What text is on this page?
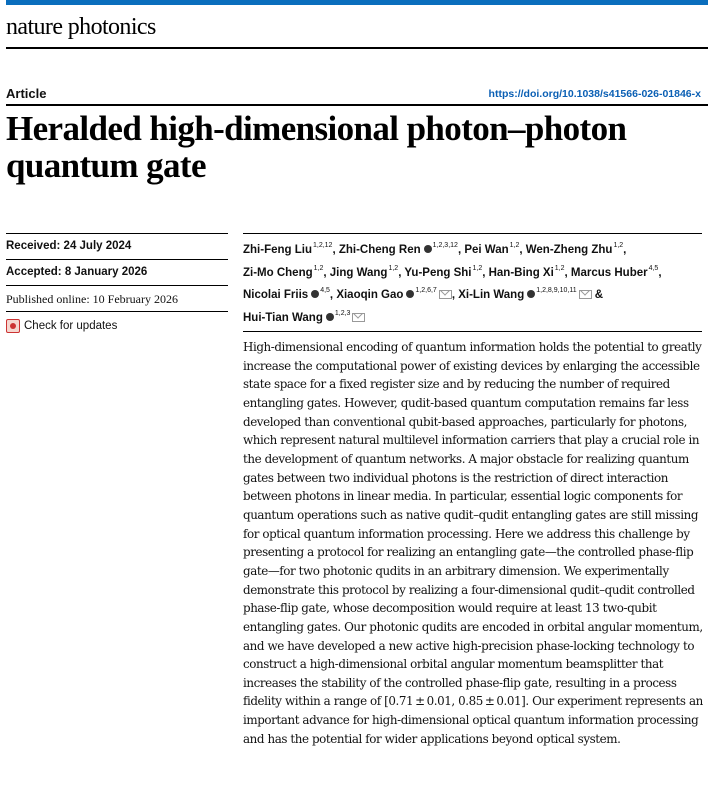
nature photonics
Article	https://doi.org/10.1038/s41566-026-01846-x
Heralded high-dimensional photon–photon
quantum gate
Received: 24 July 2024
Accepted: 8 January 2026
Published online: 10 February 2026
Check for updates
Zhi-Feng Liu$^{1,2,12}$, Zhi-Cheng Ren $^{1,2,3,12}$, Pei Wan$^{1,2}$, Wen-Zheng Zhu$^{1,2}$, Zi-Mo Cheng$^{1,2}$, Jing Wang$^{1,2}$, Yu-Peng Shi$^{1,2}$, Han-Bing Xi$^{1,2}$, Marcus Huber$^{4,5}$, Nicolai Friis $^{4,5}$, Xiaoqin Gao $^{1,2,6,7}$ , Xi-Lin Wang $^{1,2,8,9,10,11}$ & Hui-Tian Wang $^{1,2,3}$

High-dimensional encoding of quantum information holds the potential to greatly increase the computational power of existing devices by enlarging the accessible state space for a fixed register size and by reducing the number of required entangling gates. However, qudit-based quantum computation remains far less developed than conventional qubit-based approaches, particularly for photons, which represent natural multilevel information carriers that play a crucial role in the development of quantum networks. A major obstacle for realizing quantum gates between two individual photons is the restriction of direct interaction between photons in linear media. In particular, essential logic components for quantum operations such as native qudit–qudit entangling gates are still missing for optical quantum information processing. Here we address this challenge by presenting a protocol for realizing an entangling gate—the controlled phase-flip gate—for two photonic qudits in an arbitrary dimension. We experimentally demonstrate this protocol by realizing a four-dimensional qudit–qudit controlled phase-flip gate, whose decomposition would require at least 13 two-qubit entangling gates. Our photonic qudits are encoded in orbital angular momentum, and we have developed a new active high-precision phase-locking technology to construct a high-dimensional orbital angular momentum beamsplitter that increases the stability of the controlled phase-flip gate, resulting in a process fidelity within a range of [0.71 ± 0.01, 0.85 ± 0.01]. Our experiment represents an important advance for high-dimensional optical quantum information processing and has the potential for wider applications beyond optical system.
